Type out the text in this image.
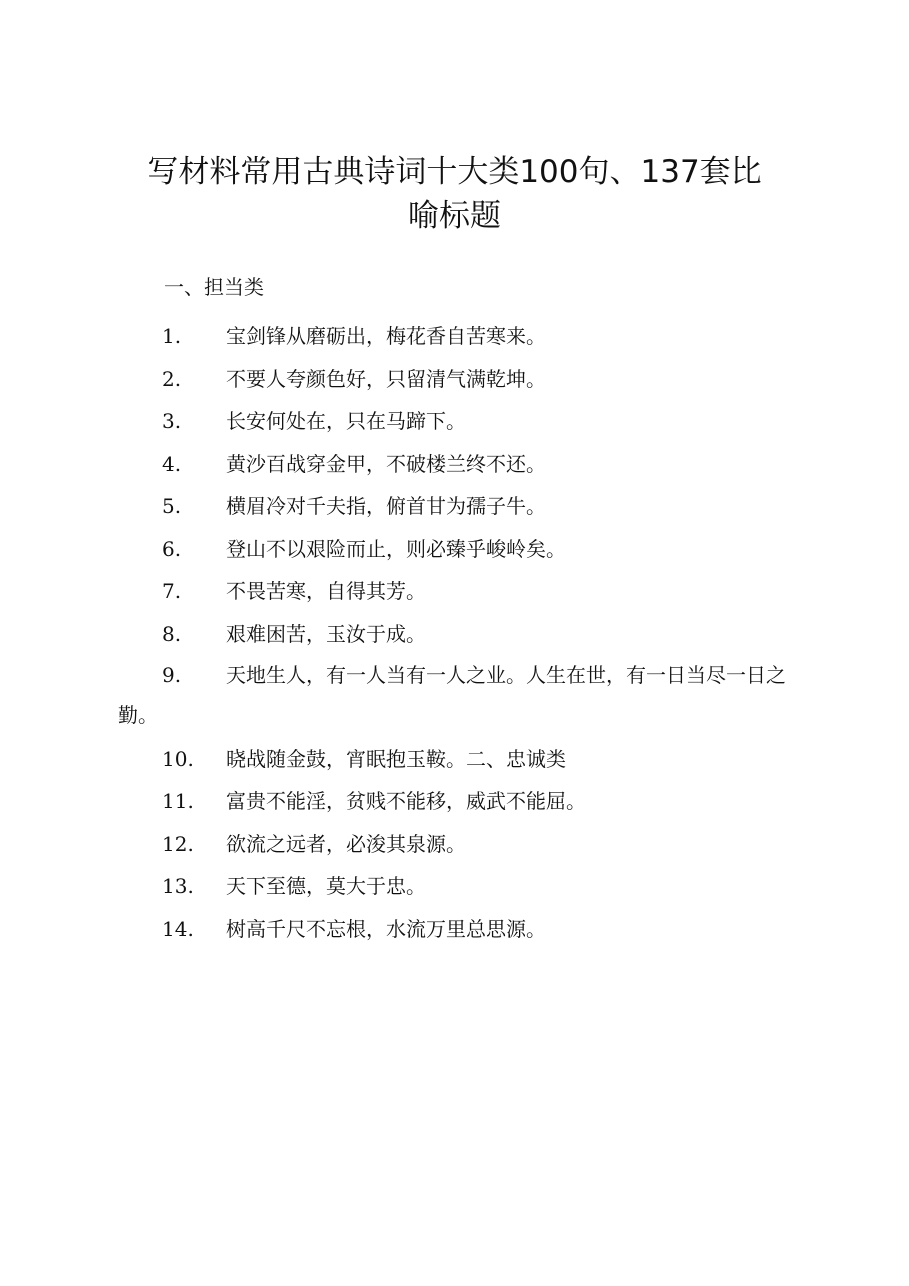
写材料常用古典诗词十大类100句、137套比
喻标题
一、担当类
1. 宝剑锋从磨砺出，梅花香自苦寒来。
2. 不要人夸颜色好，只留清气满乾坤。
3. 长安何处在，只在马蹄下。
4. 黄沙百战穿金甲，不破楼兰终不还。
5. 横眉冷对千夫指，俯首甘为孺子牛。
6. 登山不以艰险而止，则必臻乎峻岭矣。
7. 不畏苦寒，自得其芳。
8. 艰难困苦，玉汝于成。
9. 天地生人，有一人当有一人之业。人生在世，有一日当尽一日之勤。
10. 晓战随金鼓，宵眠抱玉鞍。二、忠诚类
11. 富贵不能淫，贫贱不能移，威武不能屈。
12. 欲流之远者，必浚其泉源。
13. 天下至德，莫大于忠。
14. 树高千尺不忘根，水流万里总思源。
